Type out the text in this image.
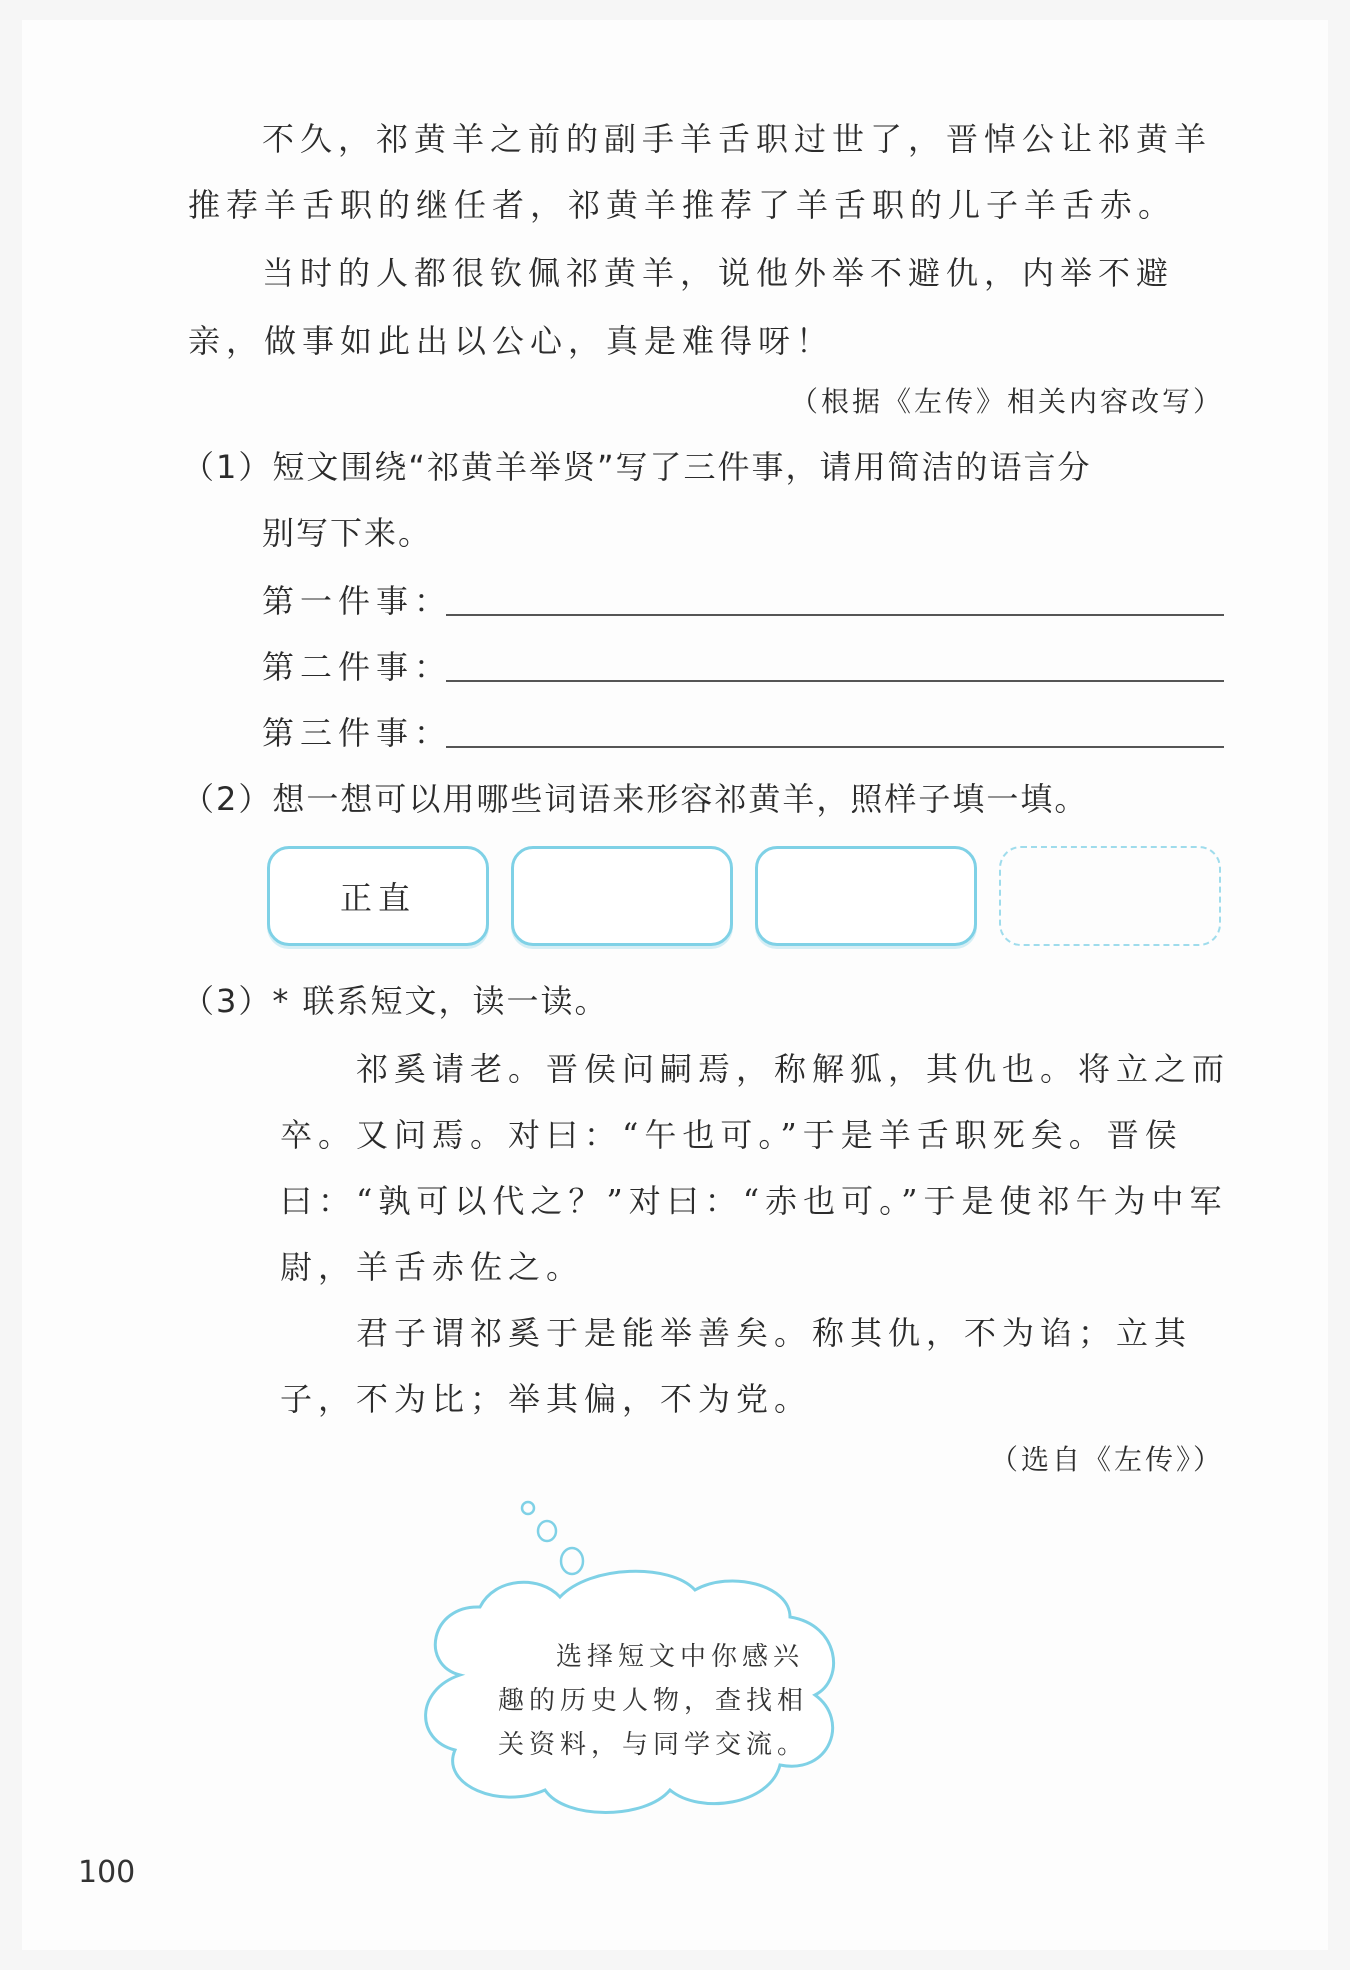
不久，祁黄羊之前的副手羊舌职过世了，晋悼公让祁黄羊
推荐羊舌职的继任者，祁黄羊推荐了羊舌职的儿子羊舌赤。
当时的人都很钦佩祁黄羊，说他外举不避仇，内举不避
亲，做事如此出以公心，真是难得呀！
（根据《左传》相关内容改写）
（1）短文围绕“祁黄羊举贤”写了三件事，请用简洁的语言分
别写下来。
第一件事：
第二件事：
第三件事：
（2）想一想可以用哪些词语来形容祁黄羊，照样子填一填。
正直
（3）* 联系短文，读一读。
祁奚请老。晋侯问嗣焉，称解狐，其仇也。将立之而
卒。又问焉。对曰：“午也可。”于是羊舌职死矣。晋侯
曰：“孰可以代之？”对曰：“赤也可。”于是使祁午为中军
尉，羊舌赤佐之。
君子谓祁奚于是能举善矣。称其仇，不为谄；立其
子，不为比；举其偏，不为党。
（选自《左传》）
选择短文中你感兴
趣的历史人物，查找相
关资料，与同学交流。
100
